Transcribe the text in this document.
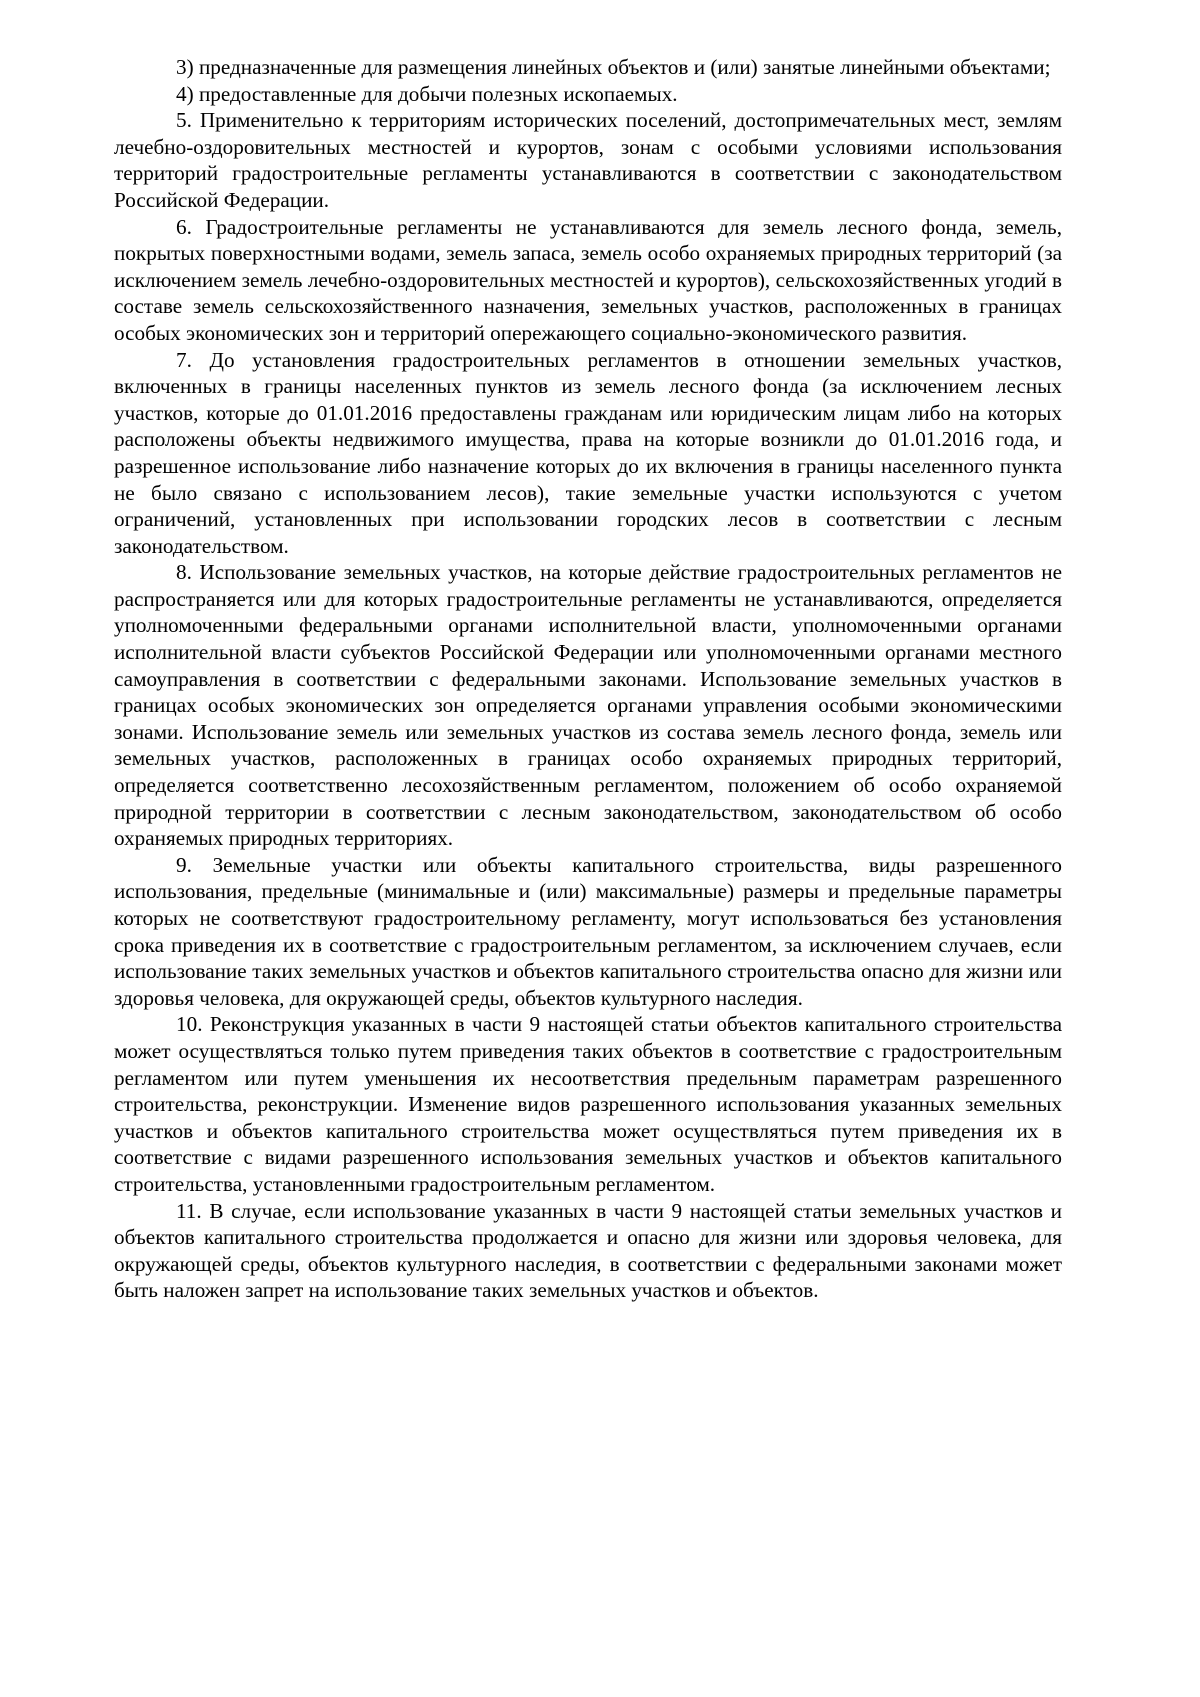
3) предназначенные для размещения линейных объектов и (или) занятые линейными объектами;

4) предоставленные для добычи полезных ископаемых.

5. Применительно к территориям исторических поселений, достопримечательных мест, землям лечебно-оздоровительных местностей и курортов, зонам с особыми условиями использования территорий градостроительные регламенты устанавливаются в соответствии с законодательством Российской Федерации.

6. Градостроительные регламенты не устанавливаются для земель лесного фонда, земель, покрытых поверхностными водами, земель запаса, земель особо охраняемых природных территорий (за исключением земель лечебно-оздоровительных местностей и курортов), сельскохозяйственных угодий в составе земель сельскохозяйственного назначения, земельных участков, расположенных в границах особых экономических зон и территорий опережающего социально-экономического развития.

7. До установления градостроительных регламентов в отношении земельных участков, включенных в границы населенных пунктов из земель лесного фонда (за исключением лесных участков, которые до 01.01.2016 предоставлены гражданам или юридическим лицам либо на которых расположены объекты недвижимого имущества, права на которые возникли до 01.01.2016 года, и разрешенное использование либо назначение которых до их включения в границы населенного пункта не было связано с использованием лесов), такие земельные участки используются с учетом ограничений, установленных при использовании городских лесов в соответствии с лесным законодательством.

8. Использование земельных участков, на которые действие градостроительных регламентов не распространяется или для которых градостроительные регламенты не устанавливаются, определяется уполномоченными федеральными органами исполнительной власти, уполномоченными органами исполнительной власти субъектов Российской Федерации или уполномоченными органами местного самоуправления в соответствии с федеральными законами. Использование земельных участков в границах особых экономических зон определяется органами управления особыми экономическими зонами. Использование земель или земельных участков из состава земель лесного фонда, земель или земельных участков, расположенных в границах особо охраняемых природных территорий, определяется соответственно лесохозяйственным регламентом, положением об особо охраняемой природной территории в соответствии с лесным законодательством, законодательством об особо охраняемых природных территориях.

9. Земельные участки или объекты капитального строительства, виды разрешенного использования, предельные (минимальные и (или) максимальные) размеры и предельные параметры которых не соответствуют градостроительному регламенту, могут использоваться без установления срока приведения их в соответствие с градостроительным регламентом, за исключением случаев, если использование таких земельных участков и объектов капитального строительства опасно для жизни или здоровья человека, для окружающей среды, объектов культурного наследия.

10. Реконструкция указанных в части 9 настоящей статьи объектов капитального строительства может осуществляться только путем приведения таких объектов в соответствие с градостроительным регламентом или путем уменьшения их несоответствия предельным параметрам разрешенного строительства, реконструкции. Изменение видов разрешенного использования указанных земельных участков и объектов капитального строительства может осуществляться путем приведения их в соответствие с видами разрешенного использования земельных участков и объектов капитального строительства, установленными градостроительным регламентом.

11. В случае, если использование указанных в части 9 настоящей статьи земельных участков и объектов капитального строительства продолжается и опасно для жизни или здоровья человека, для окружающей среды, объектов культурного наследия, в соответствии с федеральными законами может быть наложен запрет на использование таких земельных участков и объектов.
